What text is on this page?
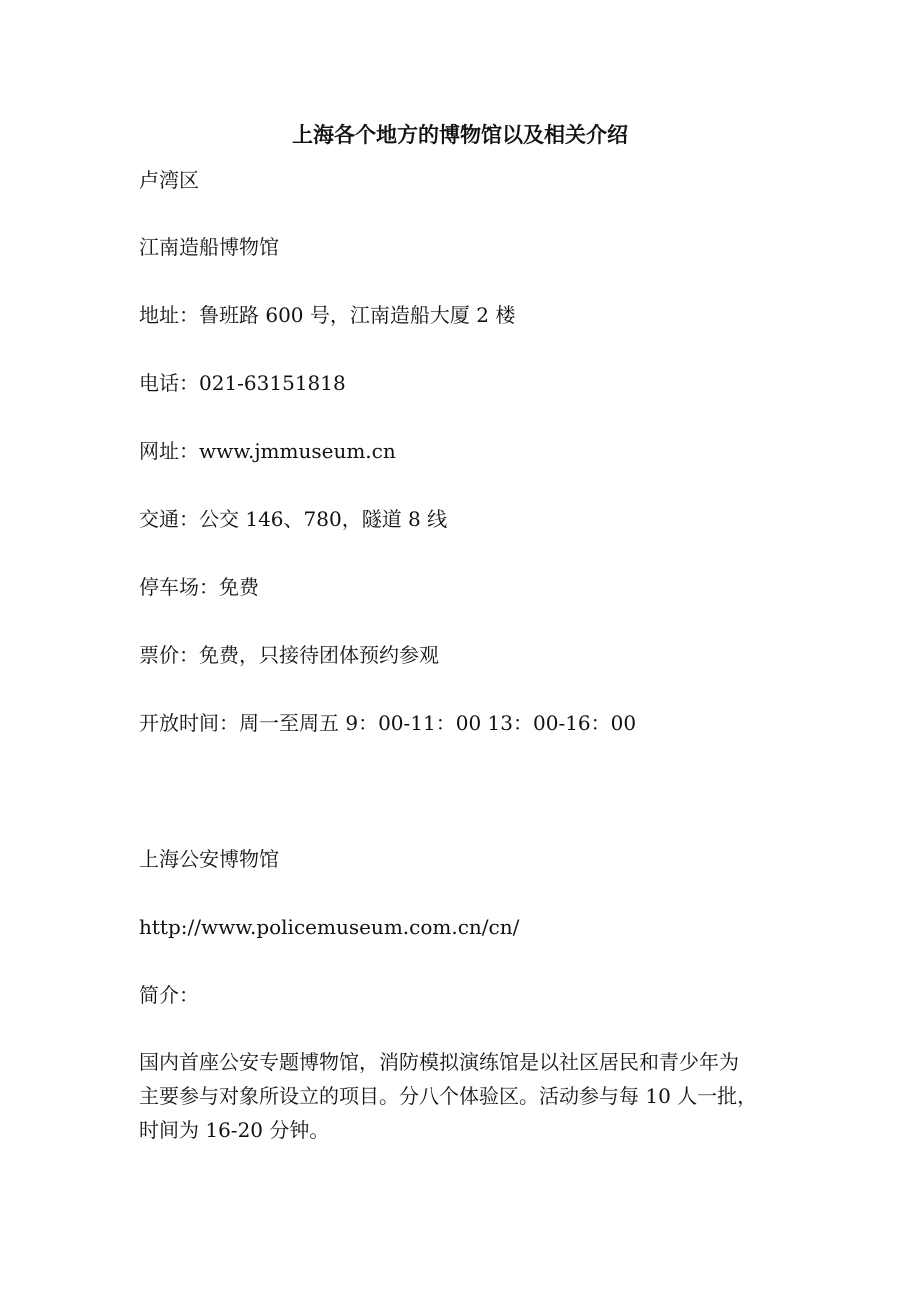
上海各个地方的博物馆以及相关介绍
卢湾区
江南造船博物馆
地址：鲁班路 600 号，江南造船大厦 2 楼
电话：021-63151818
网址：www.jmmuseum.cn
交通：公交 146、780，隧道 8 线
停车场：免费
票价：免费，只接待团体预约参观
开放时间：周一至周五 9：00-11：00 13：00-16：00
上海公安博物馆
http://www.policemuseum.com.cn/cn/
简介：
国内首座公安专题博物馆，消防模拟演练馆是以社区居民和青少年为
主要参与对象所设立的项目。分八个体验区。活动参与每 10 人一批，
时间为 16-20 分钟。
